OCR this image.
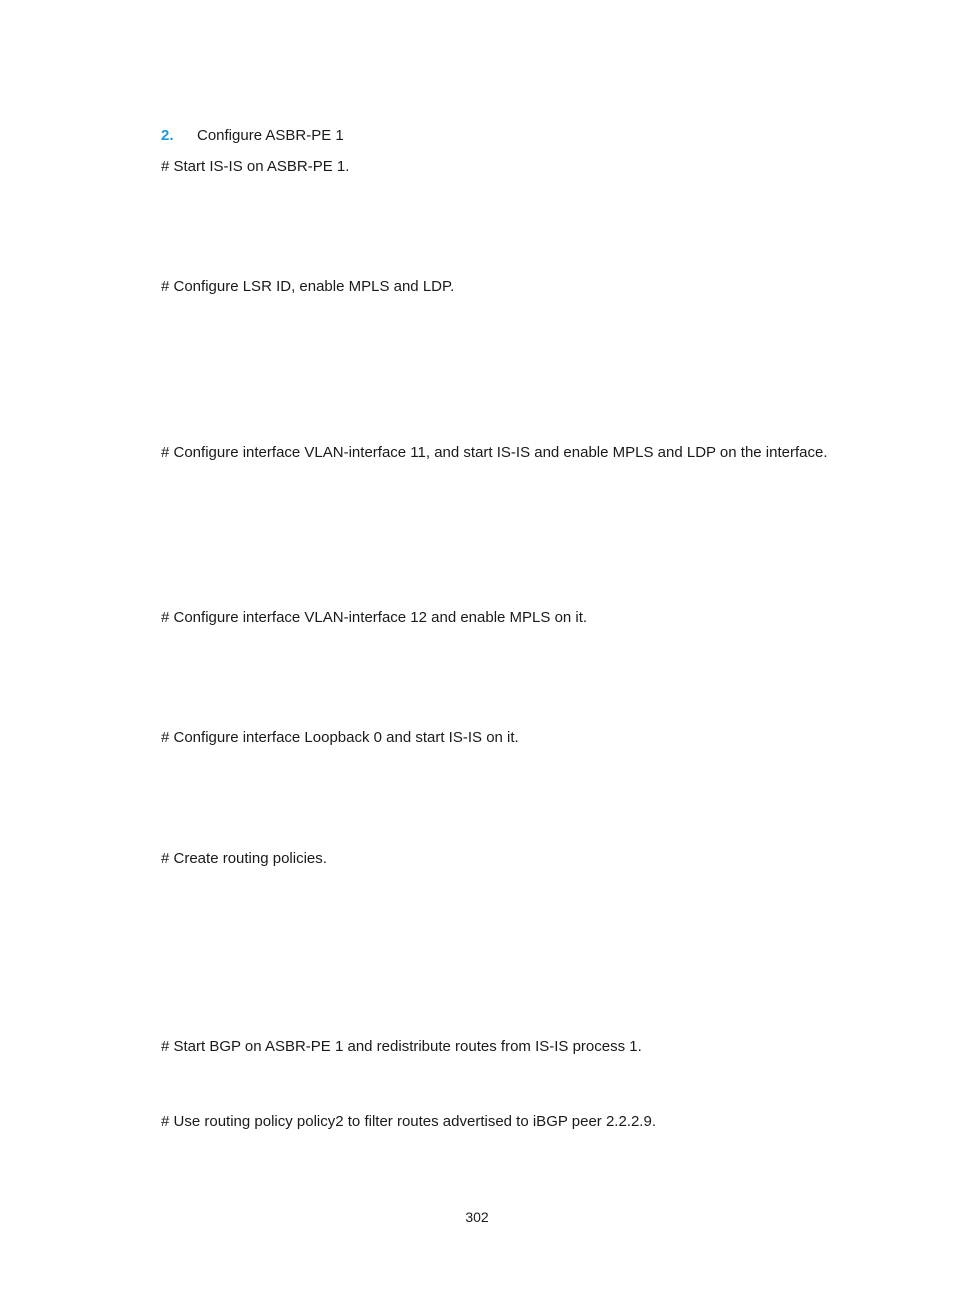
2. Configure ASBR-PE 1
# Start IS-IS on ASBR-PE 1.
# Configure LSR ID, enable MPLS and LDP.
# Configure interface VLAN-interface 11, and start IS-IS and enable MPLS and LDP on the interface.
# Configure interface VLAN-interface 12 and enable MPLS on it.
# Configure interface Loopback 0 and start IS-IS on it.
# Create routing policies.
# Start BGP on ASBR-PE 1 and redistribute routes from IS-IS process 1.
# Use routing policy policy2 to filter routes advertised to iBGP peer 2.2.2.9.
302
